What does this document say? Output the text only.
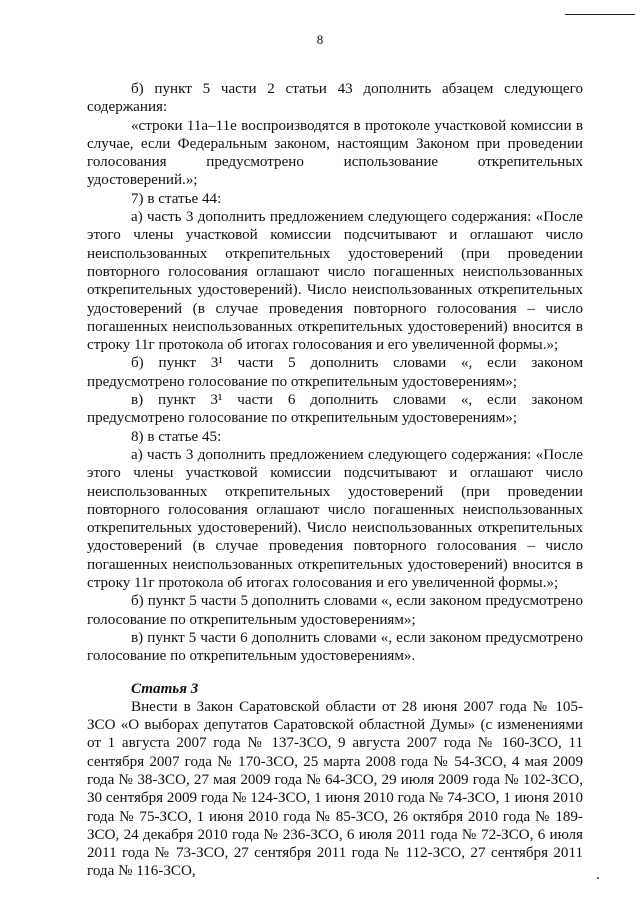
8

б) пункт 5 части 2 статьи 43 дополнить абзацем следующего содержания:

«строки 11а–11е воспроизводятся в протоколе участковой комиссии в случае, если Федеральным законом, настоящим Законом при проведении голосования предусмотрено использование открепительных удостоверений.»;

7) в статье 44:

а) часть 3 дополнить предложением следующего содержания: «После этого члены участковой комиссии подсчитывают и оглашают число неиспользованных открепительных удостоверений (при проведении повторного голосования оглашают число погашенных неиспользованных открепительных удостоверений). Число неиспользованных открепительных удостоверений (в случае проведения повторного голосования – число погашенных неиспользованных открепительных удостоверений) вносится в строку 11г протокола об итогах голосования и его увеличенной формы.»;

б) пункт 3¹ части 5 дополнить словами «, если законом предусмотрено голосование по открепительным удостоверениям»;

в) пункт 3¹ части 6 дополнить словами «, если законом предусмотрено голосование по открепительным удостоверениям»;

8) в статье 45:

а) часть 3 дополнить предложением следующего содержания: «После этого члены участковой комиссии подсчитывают и оглашают число неиспользованных открепительных удостоверений (при проведении повторного голосования оглашают число погашенных неиспользованных открепительных удостоверений). Число неиспользованных открепительных удостоверений (в случае проведения повторного голосования – число погашенных неиспользованных открепительных удостоверений) вносится в строку 11г протокола об итогах голосования и его увеличенной формы.»;

б) пункт 5 части 5 дополнить словами «, если законом предусмотрено голосование по открепительным удостоверениям»;

в) пункт 5 части 6 дополнить словами «, если законом предусмотрено голосование по открепительным удостоверениям».

Статья 3

Внести в Закон Саратовской области от 28 июня 2007 года № 105-ЗСО «О выборах депутатов Саратовской областной Думы» (с изменениями от 1 августа 2007 года № 137-ЗСО, 9 августа 2007 года № 160-ЗСО, 11 сентября 2007 года № 170-ЗСО, 25 марта 2008 года № 54-ЗСО, 4 мая 2009 года № 38-ЗСО, 27 мая 2009 года № 64-ЗСО, 29 июля 2009 года № 102-ЗСО, 30 сентября 2009 года № 124-ЗСО, 1 июня 2010 года № 74-ЗСО, 1 июня 2010 года № 75-ЗСО, 1 июня 2010 года № 85-ЗСО, 26 октября 2010 года № 189-ЗСО, 24 декабря 2010 года № 236-ЗСО, 6 июля 2011 года № 72-ЗСО, 6 июля 2011 года № 73-ЗСО, 27 сентября 2011 года № 112-ЗСО, 27 сентября 2011 года № 116-ЗСО,
